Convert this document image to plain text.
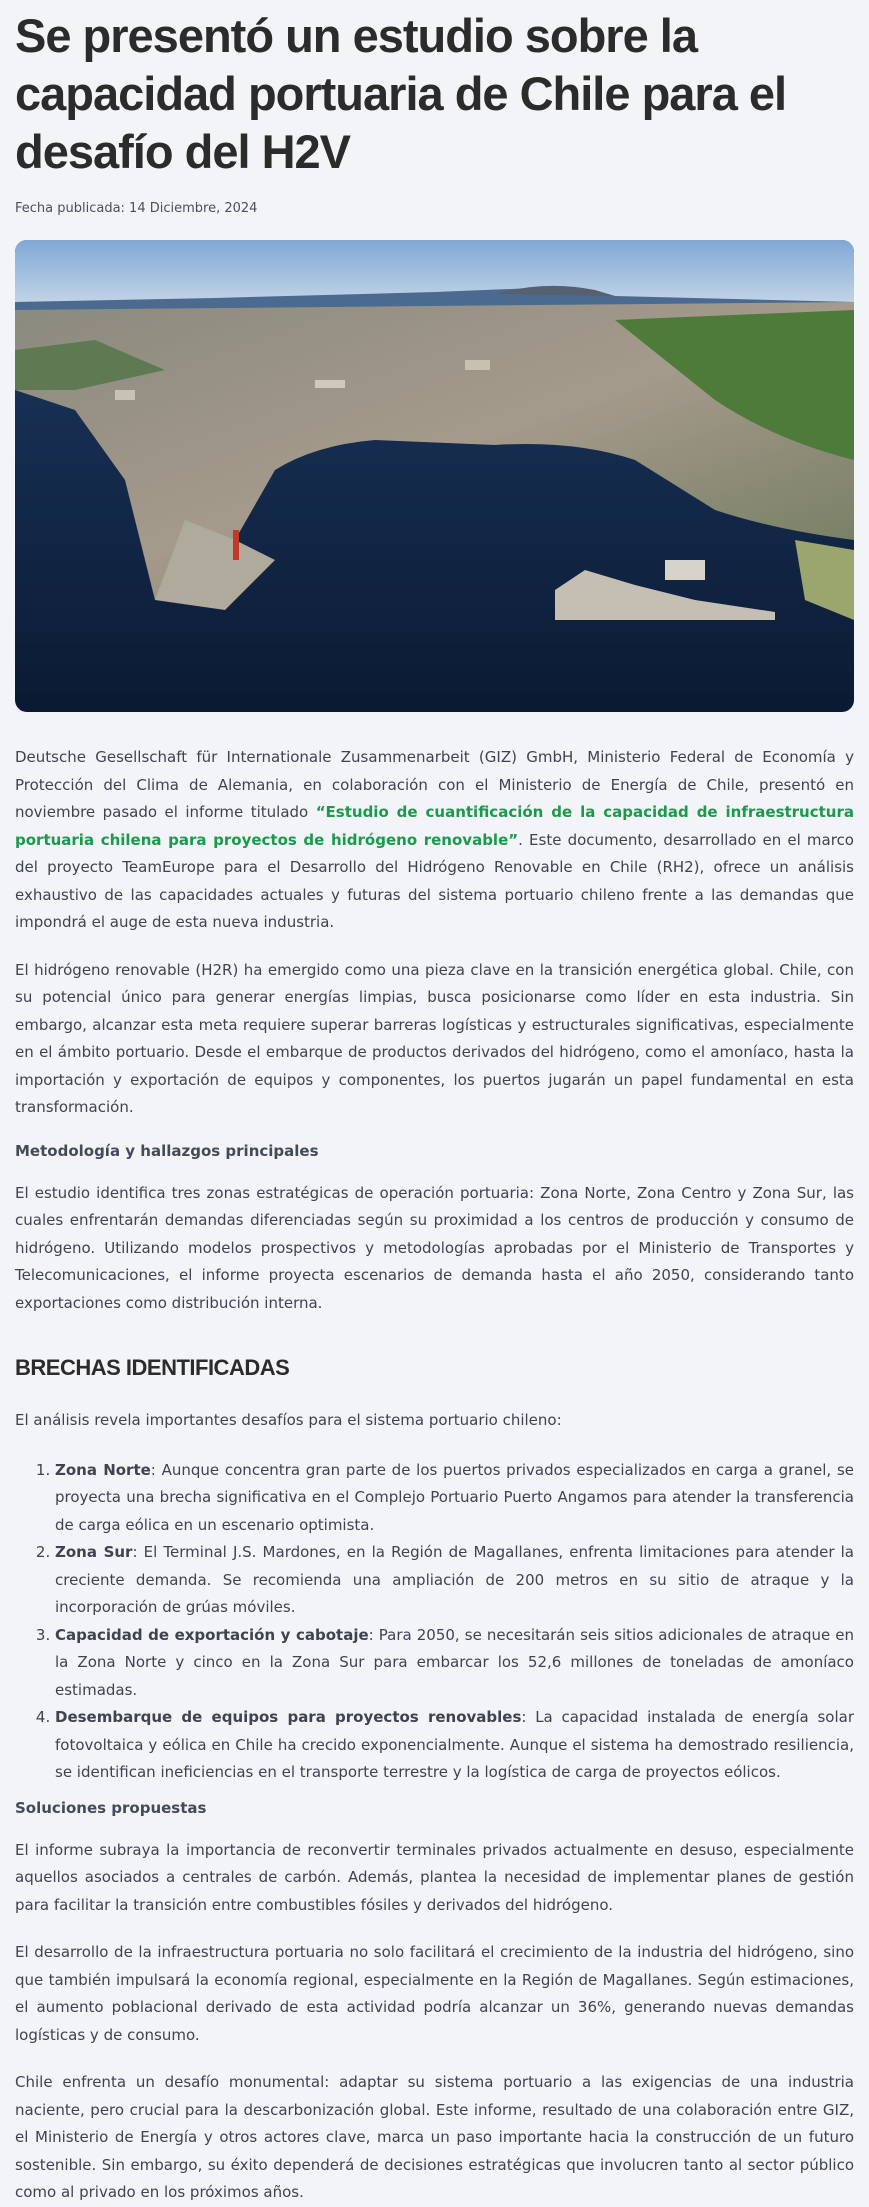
Se presentó un estudio sobre la capacidad portuaria de Chile para el desafío del H2V
Fecha publicada: 14 Diciembre, 2024

Deutsche Gesellschaft für Internationale Zusammenarbeit (GIZ) GmbH, Ministerio Federal de Economía y Protección del Clima de Alemania, en colaboración con el Ministerio de Energía de Chile, presentó en noviembre pasado el informe titulado “Estudio de cuantificación de la capacidad de infraestructura portuaria chilena para proyectos de hidrógeno renovable”. Este documento, desarrollado en el marco del proyecto TeamEurope para el Desarrollo del Hidrógeno Renovable en Chile (RH2), ofrece un análisis exhaustivo de las capacidades actuales y futuras del sistema portuario chileno frente a las demandas que impondrá el auge de esta nueva industria.

El hidrógeno renovable (H2R) ha emergido como una pieza clave en la transición energética global. Chile, con su potencial único para generar energías limpias, busca posicionarse como líder en esta industria. Sin embargo, alcanzar esta meta requiere superar barreras logísticas y estructurales significativas, especialmente en el ámbito portuario. Desde el embarque de productos derivados del hidrógeno, como el amoníaco, hasta la importación y exportación de equipos y componentes, los puertos jugarán un papel fundamental en esta transformación.

Metodología y hallazgos principales

El estudio identifica tres zonas estratégicas de operación portuaria: Zona Norte, Zona Centro y Zona Sur, las cuales enfrentarán demandas diferenciadas según su proximidad a los centros de producción y consumo de hidrógeno. Utilizando modelos prospectivos y metodologías aprobadas por el Ministerio de Transportes y Telecomunicaciones, el informe proyecta escenarios de demanda hasta el año 2050, considerando tanto exportaciones como distribución interna.

BRECHAS IDENTIFICADAS

El análisis revela importantes desafíos para el sistema portuario chileno:

1. Zona Norte: Aunque concentra gran parte de los puertos privados especializados en carga a granel, se proyecta una brecha significativa en el Complejo Portuario Puerto Angamos para atender la transferencia de carga eólica en un escenario optimista.
2. Zona Sur: El Terminal J.S. Mardones, en la Región de Magallanes, enfrenta limitaciones para atender la creciente demanda. Se recomienda una ampliación de 200 metros en su sitio de atraque y la incorporación de grúas móviles.
3. Capacidad de exportación y cabotaje: Para 2050, se necesitarán seis sitios adicionales de atraque en la Zona Norte y cinco en la Zona Sur para embarcar los 52,6 millones de toneladas de amoníaco estimadas.
4. Desembarque de equipos para proyectos renovables: La capacidad instalada de energía solar fotovoltaica y eólica en Chile ha crecido exponencialmente. Aunque el sistema ha demostrado resiliencia, se identifican ineficiencias en el transporte terrestre y la logística de carga de proyectos eólicos.
Soluciones propuestas

El informe subraya la importancia de reconvertir terminales privados actualmente en desuso, especialmente aquellos asociados a centrales de carbón. Además, plantea la necesidad de implementar planes de gestión para facilitar la transición entre combustibles fósiles y derivados del hidrógeno.

El desarrollo de la infraestructura portuaria no solo facilitará el crecimiento de la industria del hidrógeno, sino que también impulsará la economía regional, especialmente en la Región de Magallanes. Según estimaciones, el aumento poblacional derivado de esta actividad podría alcanzar un 36%, generando nuevas demandas logísticas y de consumo.

Chile enfrenta un desafío monumental: adaptar su sistema portuario a las exigencias de una industria naciente, pero crucial para la descarbonización global. Este informe, resultado de una colaboración entre GIZ, el Ministerio de Energía y otros actores clave, marca un paso importante hacia la construcción de un futuro sostenible. Sin embargo, su éxito dependerá de decisiones estratégicas que involucren tanto al sector público como al privado en los próximos años.
